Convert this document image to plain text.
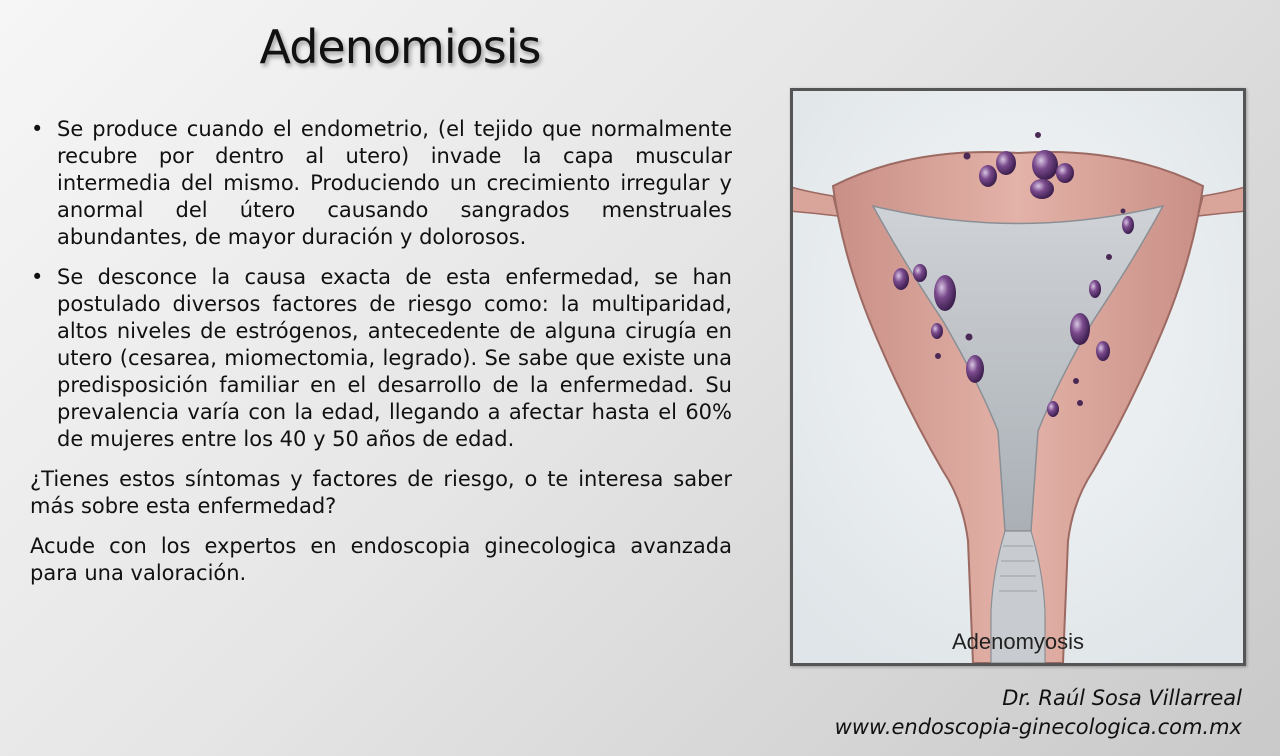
Adenomiosis
• Se produce cuando el endometrio, (el tejido que normalmente recubre por dentro al utero) invade la capa muscular intermedia del mismo. Produciendo un crecimiento irregular y anormal del útero causando sangrados menstruales abundantes, de mayor duración y dolorosos.
• Se desconce la causa exacta de esta enfermedad, se han postulado diversos factores de riesgo como: la multiparidad, altos niveles de estrógenos, antecedente de alguna cirugía en utero (cesarea, miomectomia, legrado). Se sabe que existe una predisposición familiar en el desarrollo de la enfermedad. Su prevalencia varía con la edad, llegando a afectar hasta el 60% de mujeres entre los 40 y 50 años de edad.

¿Tienes estos síntomas y factores de riesgo, o te interesa saber más sobre esta enfermedad?

Acude con los expertos en endoscopia ginecologica avanzada para una valoración.

Adenomyosis
Dr. Raúl Sosa Villarreal
www.endoscopia-ginecologica.com.mx
